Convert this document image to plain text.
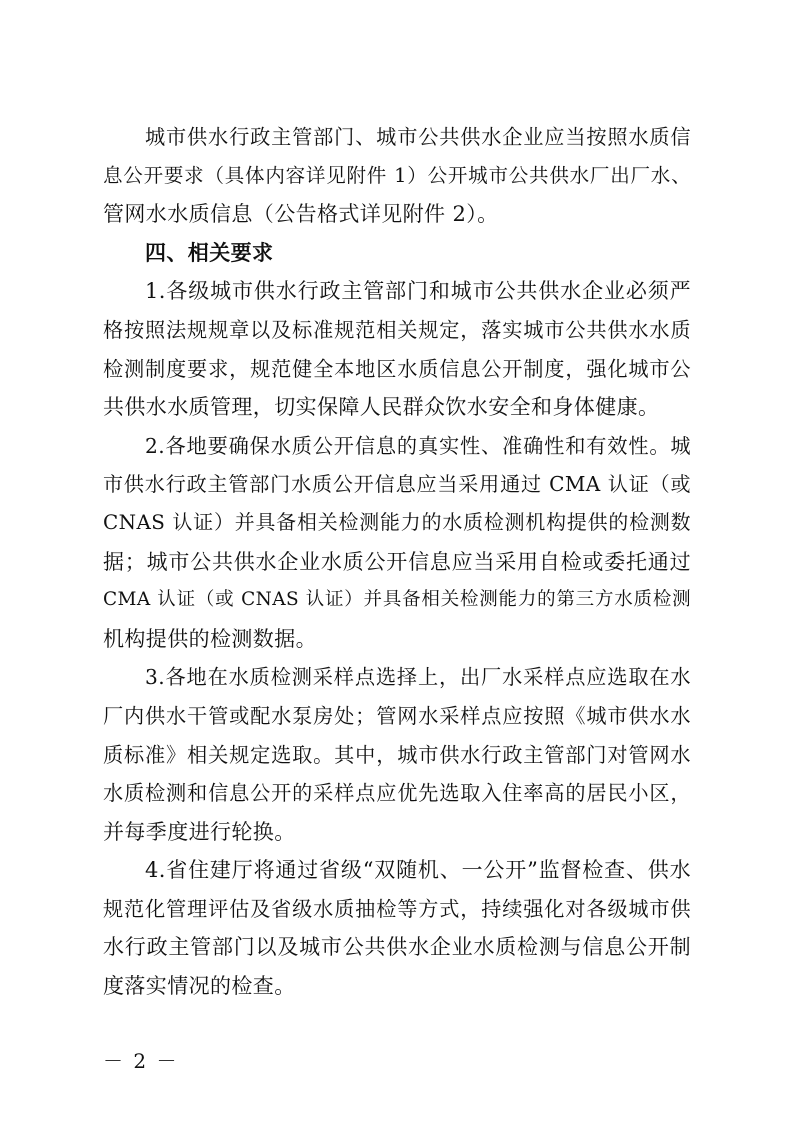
城市供水行政主管部门、城市公共供水企业应当按照水质信
息公开要求（具体内容详见附件 1）公开城市公共供水厂出厂水、
管网水水质信息（公告格式详见附件 2）。
四、相关要求
1.各级城市供水行政主管部门和城市公共供水企业必须严
格按照法规规章以及标准规范相关规定，落实城市公共供水水质
检测制度要求，规范健全本地区水质信息公开制度，强化城市公
共供水水质管理，切实保障人民群众饮水安全和身体健康。
2.各地要确保水质公开信息的真实性、准确性和有效性。城
市供水行政主管部门水质公开信息应当采用通过 CMA 认证（或
CNAS 认证）并具备相关检测能力的水质检测机构提供的检测数
据；城市公共供水企业水质公开信息应当采用自检或委托通过
CMA 认证（或 CNAS 认证）并具备相关检测能力的第三方水质检测
机构提供的检测数据。
3.各地在水质检测采样点选择上，出厂水采样点应选取在水
厂内供水干管或配水泵房处；管网水采样点应按照《城市供水水
质标准》相关规定选取。其中，城市供水行政主管部门对管网水
水质检测和信息公开的采样点应优先选取入住率高的居民小区，
并每季度进行轮换。
4.省住建厅将通过省级“双随机、一公开”监督检查、供水
规范化管理评估及省级水质抽检等方式，持续强化对各级城市供
水行政主管部门以及城市公共供水企业水质检测与信息公开制
度落实情况的检查。
－ 2 －
